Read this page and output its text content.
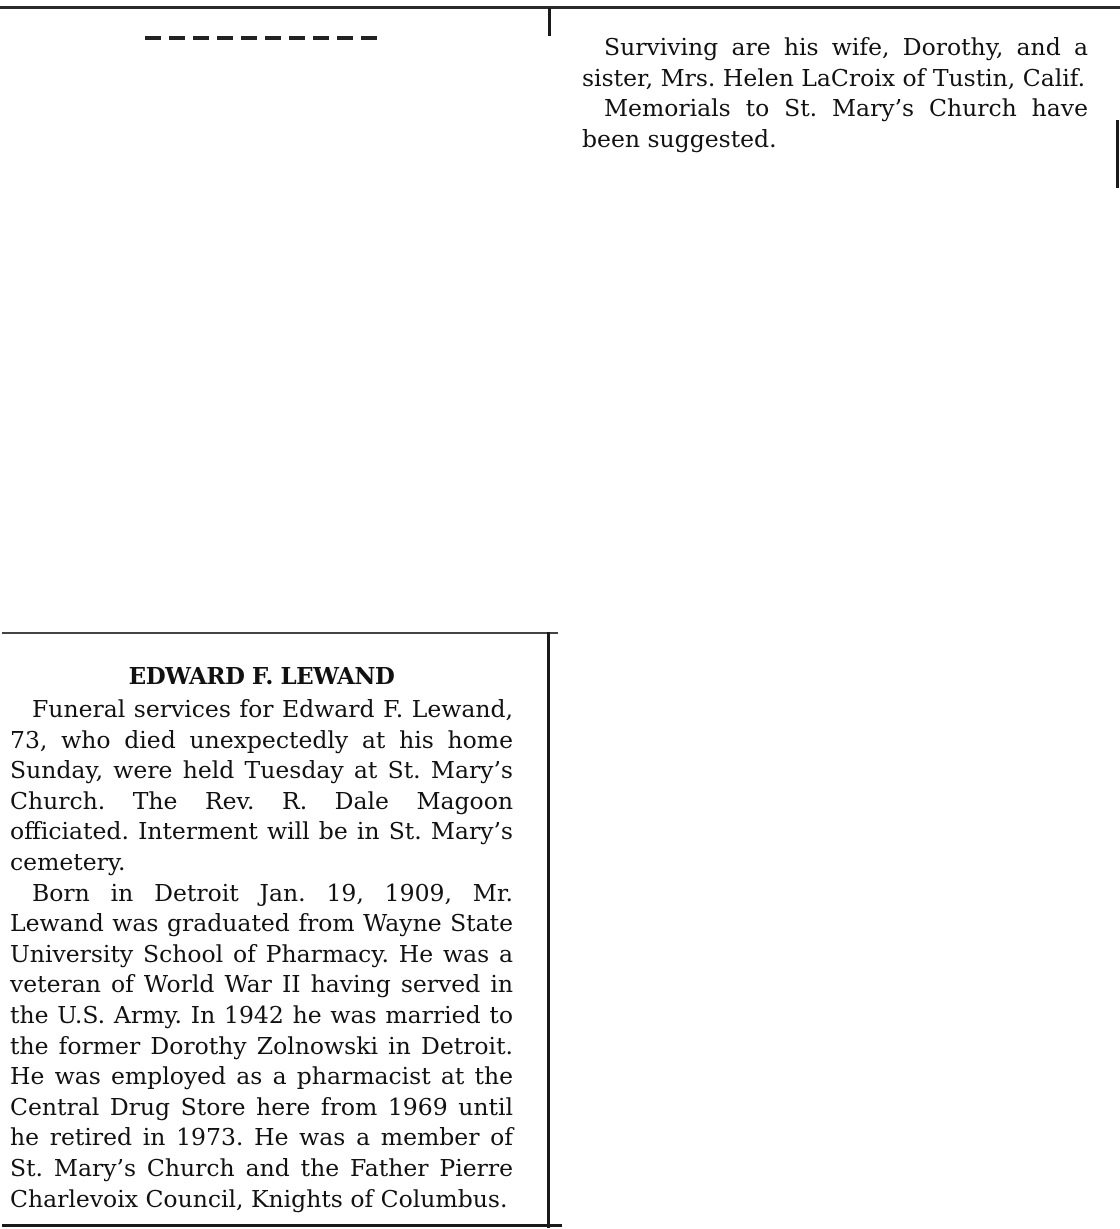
Surviving are his wife, Dorothy, and a sister, Mrs. Helen LaCroix of Tustin, Calif.

Memorials to St. Mary’s Church have been suggested.

EDWARD F. LEWAND

Funeral services for Edward F. Lewand, 73, who died unexpectedly at his home Sunday, were held Tuesday at St. Mary’s Church. The Rev. R. Dale Magoon officiated. Interment will be in St. Mary’s cemetery.

Born in Detroit Jan. 19, 1909, Mr. Lewand was graduated from Wayne State University School of Pharmacy. He was a veteran of World War II having served in the U.S. Army. In 1942 he was married to the former Dorothy Zolnowski in Detroit. He was employed as a pharmacist at the Central Drug Store here from 1969 until he retired in 1973. He was a member of St. Mary’s Church and the Father Pierre Charlevoix Council, Knights of Columbus.
